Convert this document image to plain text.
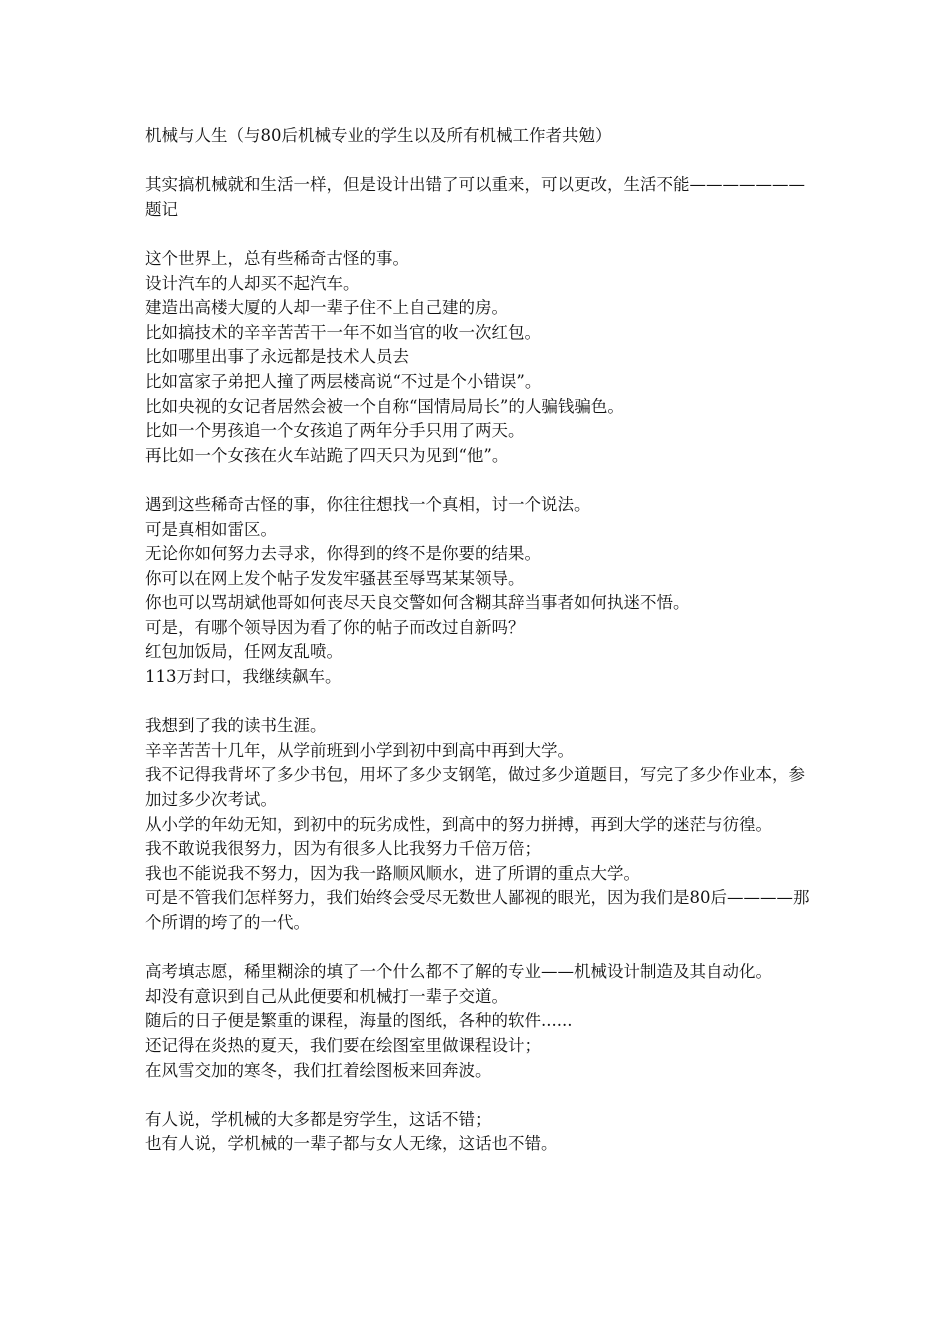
机械与人生（与80后机械专业的学生以及所有机械工作者共勉）

其实搞机械就和生活一样，但是设计出错了可以重来，可以更改，生活不能———————题记

这个世界上，总有些稀奇古怪的事。
设计汽车的人却买不起汽车。
建造出高楼大厦的人却一辈子住不上自己建的房。
比如搞技术的辛辛苦苦干一年不如当官的收一次红包。
比如哪里出事了永远都是技术人员去
比如富家子弟把人撞了两层楼高说“不过是个小错误”。
比如央视的女记者居然会被一个自称“国情局局长”的人骗钱骗色。
比如一个男孩追一个女孩追了两年分手只用了两天。
再比如一个女孩在火车站跪了四天只为见到“他”。

遇到这些稀奇古怪的事，你往往想找一个真相，讨一个说法。
可是真相如雷区。
无论你如何努力去寻求，你得到的终不是你要的结果。
你可以在网上发个帖子发发牢骚甚至辱骂某某领导。
你也可以骂胡斌他哥如何丧尽天良交警如何含糊其辞当事者如何执迷不悟。
可是，有哪个领导因为看了你的帖子而改过自新吗？
红包加饭局，任网友乱喷。
113万封口，我继续飙车。

我想到了我的读书生涯。
辛辛苦苦十几年，从学前班到小学到初中到高中再到大学。
我不记得我背坏了多少书包，用坏了多少支钢笔，做过多少道题目，写完了多少作业本，参加过多少次考试。
从小学的年幼无知，到初中的玩劣成性，到高中的努力拼搏，再到大学的迷茫与彷徨。
我不敢说我很努力，因为有很多人比我努力千倍万倍；
我也不能说我不努力，因为我一路顺风顺水，进了所谓的重点大学。
可是不管我们怎样努力，我们始终会受尽无数世人鄙视的眼光，因为我们是80后————那个所谓的垮了的一代。

高考填志愿，稀里糊涂的填了一个什么都不了解的专业——机械设计制造及其自动化。
却没有意识到自己从此便要和机械打一辈子交道。
随后的日子便是繁重的课程，海量的图纸，各种的软件......
还记得在炎热的夏天，我们要在绘图室里做课程设计；
在风雪交加的寒冬，我们扛着绘图板来回奔波。

有人说，学机械的大多都是穷学生，这话不错；
也有人说，学机械的一辈子都与女人无缘，这话也不错。
